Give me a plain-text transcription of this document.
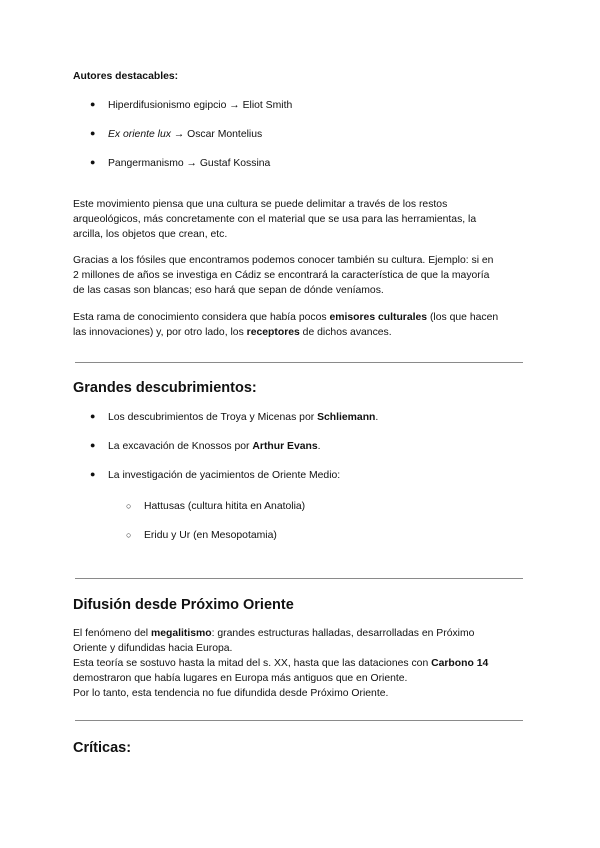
Autores destacables:
● Hiperdifusionismo egipcio → Eliot Smith
● Ex oriente lux → Oscar Montelius
● Pangermanismo → Gustaf Kossina
Este movimiento piensa que una cultura se puede delimitar a través de los restos
arqueológicos, más concretamente con el material que se usa para las herramientas, la
arcilla, los objetos que crean, etc.
Gracias a los fósiles que encontramos podemos conocer también su cultura. Ejemplo: si en
2 millones de años se investiga en Cádiz se encontrará la característica de que la mayoría
de las casas son blancas; eso hará que sepan de dónde veníamos.
Esta rama de conocimiento considera que había pocos emisores culturales (los que hacen
las innovaciones) y, por otro lado, los receptores de dichos avances.
Grandes descubrimientos:
● Los descubrimientos de Troya y Micenas por Schliemann.
● La excavación de Knossos por Arthur Evans.
● La investigación de yacimientos de Oriente Medio:
○ Hattusas (cultura hitita en Anatolia)
○ Eridu y Ur (en Mesopotamia)
Difusión desde Próximo Oriente
El fenómeno del megalitismo: grandes estructuras halladas, desarrolladas en Próximo
Oriente y difundidas hacia Europa.
Esta teoría se sostuvo hasta la mitad del s. XX, hasta que las dataciones con Carbono 14
demostraron que había lugares en Europa más antiguos que en Oriente.
Por lo tanto, esta tendencia no fue difundida desde Próximo Oriente.
Críticas:
